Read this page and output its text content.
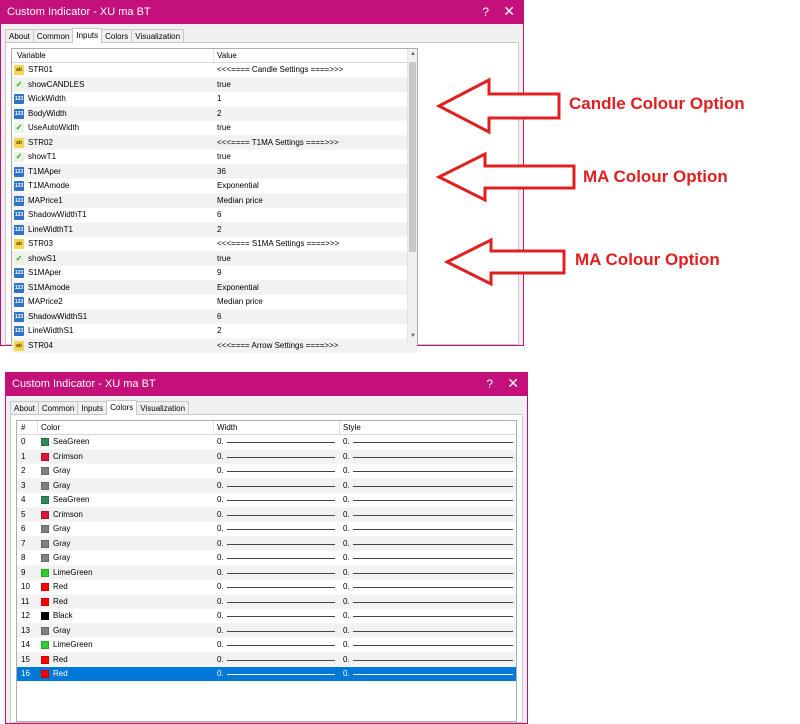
Custom Indicator - XU ma BT	? ✕
About Common Inputs Colors Visualization
Variable	Value
ab STR01	<<<==== Candle Settings ====>>>
✓ showCANDLES	true
123 WickWidth	1
123 BodyWidth	2
✓ UseAutoWidth	true
ab STR02	<<<==== T1MA Settings ====>>>
✓ showT1	true
123 T1MAper	36
123 T1MAmode	Exponential
123 MAPrice1	Median price
123 ShadowWidthT1	6
123 LineWidthT1	2
ab STR03	<<<==== S1MA Settings ====>>>
✓ showS1	true
123 S1MAper	9
123 S1MAmode	Exponential
123 MAPrice2	Median price
123 ShadowWidthS1	6
123 LineWidthS1	2
ab STR04	<<<==== Arrow Settings ====>>>
▲
▼
Custom Indicator - XU ma BT	? ✕
About Common Inputs Colors Visualization
# Color	Width	Style
0	SeaGreen	0.	0.
1	Crimson	0.	0.
2	Gray	0.	0.
3	Gray	0.	0.
4	SeaGreen	0.	0.
5	Crimson	0.	0.
6	Gray	0.	0.
7	Gray	0.	0.
8	Gray	0.	0.
9	LimeGreen	0.	0.
10	Red	0.	0.
11	Red	0.	0.
12	Black	0.	0.
13	Gray	0.	0.
14	LimeGreen	0.	0.
15	Red	0.	0.
16	Red	0.	0.
Candle Colour Option
MA Colour Option
MA Colour Option
